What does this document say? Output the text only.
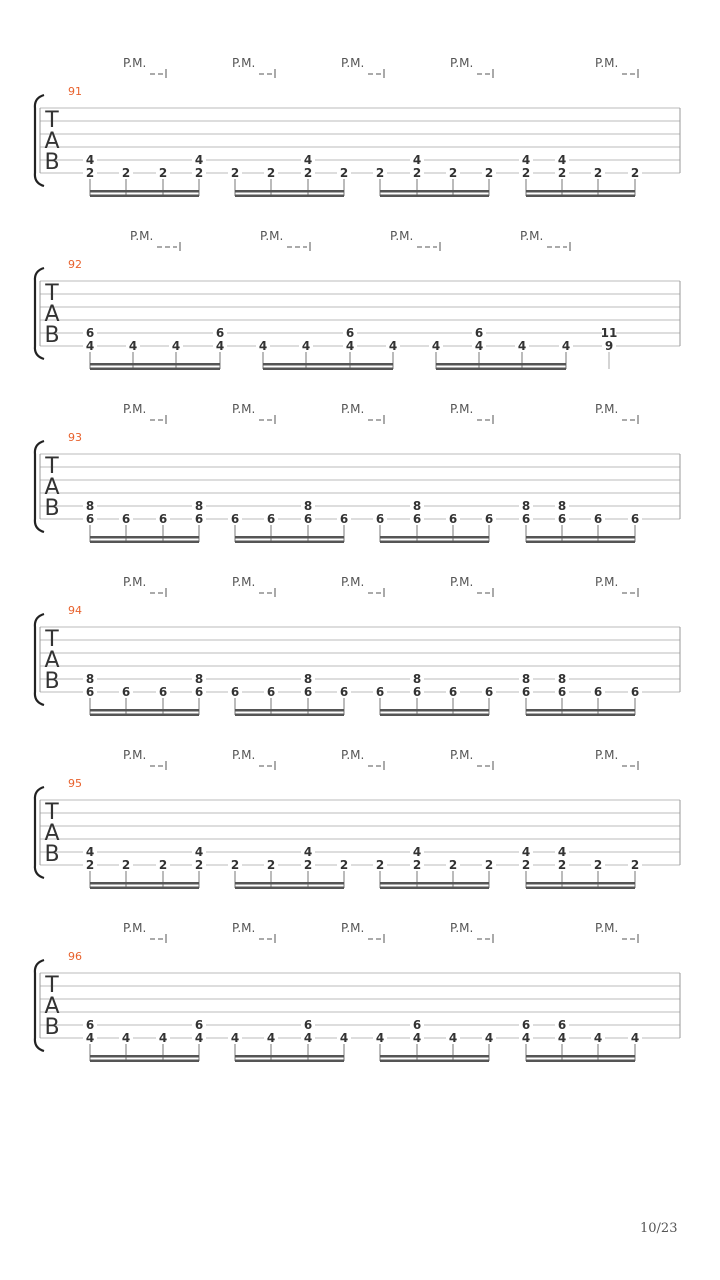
P.M.	P.M.	P.M.	P.M.	P.M.
91
T
A
B 4
2 2 2
4
2 2 2
4
2 2 2
4
2 2 2
4
2
4
2 2 2
P.M.	P.M.	P.M.	P.M.
92
T
A
B 6
4	4	4
6
4	4	4
6
4	4	4
6
4	4	4
11
9
P.M.	P.M.	P.M.	P.M.	P.M.
93
T
A
B 8
6 6 6
8
6 6 6
8
6 6 6
8
6 6 6
8
6
8
6 6 6
P.M.	P.M.	P.M.	P.M.	P.M.
94
T
A
B 8
6 6 6
8
6 6 6
8
6 6 6
8
6 6 6
8
6
8
6 6 6
P.M.	P.M.	P.M.	P.M.	P.M.
95
T
A
B 4
2 2 2
4
2 2 2
4
2 2 2
4
2 2 2
4
2
4
2 2 2
P.M.	P.M.	P.M.	P.M.	P.M.
96
T
A
B 6
4 4 4
6
4 4 4
6
4 4 4
6
4 4 4
6
4
6
4 4 4
10/23
